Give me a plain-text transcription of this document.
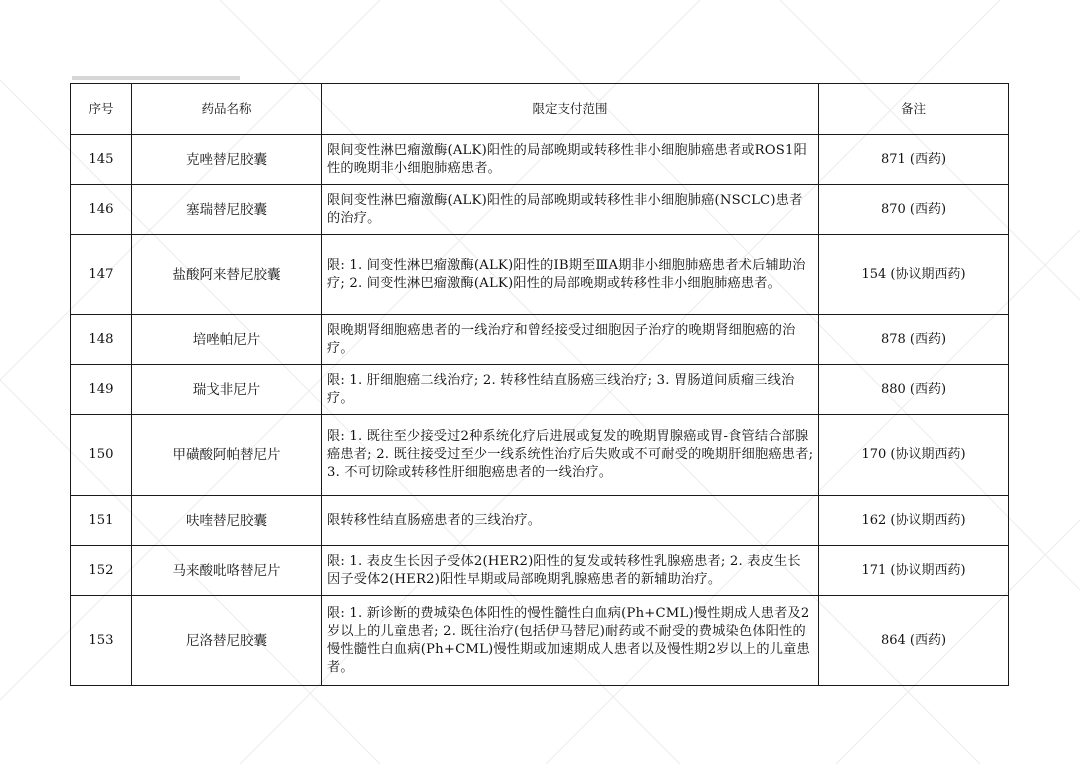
序号	药品名称	限定支付范围	备注
145	克唑替尼胶囊	限间变性淋巴瘤激酶(ALK)阳性的局部晚期或转移性非小细胞肺癌患者或ROS1阳性的晚期非小细胞肺癌患者。	871 (西药)
146	塞瑞替尼胶囊	限间变性淋巴瘤激酶(ALK)阳性的局部晚期或转移性非小细胞肺癌(NSCLC)患者的治疗。	870 (西药)
147	盐酸阿来替尼胶囊	限: 1. 间变性淋巴瘤激酶(ALK)阳性的ⅠB期至ⅢA期非小细胞肺癌患者术后辅助治疗; 2. 间变性淋巴瘤激酶(ALK)阳性的局部晚期或转移性非小细胞肺癌患者。	154 (协议期西药)
148	培唑帕尼片	限晚期肾细胞癌患者的一线治疗和曾经接受过细胞因子治疗的晚期肾细胞癌的治疗。	878 (西药)
149	瑞戈非尼片	限: 1. 肝细胞癌二线治疗; 2. 转移性结直肠癌三线治疗; 3. 胃肠道间质瘤三线治疗。	880 (西药)
150	甲磺酸阿帕替尼片	限: 1. 既往至少接受过2种系统化疗后进展或复发的晚期胃腺癌或胃-食管结合部腺癌患者; 2. 既往接受过至少一线系统性治疗后失败或不可耐受的晚期肝细胞癌患者; 3. 不可切除或转移性肝细胞癌患者的一线治疗。	170 (协议期西药)
151	呋喹替尼胶囊	限转移性结直肠癌患者的三线治疗。	162 (协议期西药)
152	马来酸吡咯替尼片	限: 1. 表皮生长因子受体2(HER2)阳性的复发或转移性乳腺癌患者; 2. 表皮生长因子受体2(HER2)阳性早期或局部晚期乳腺癌患者的新辅助治疗。	171 (协议期西药)
153	尼洛替尼胶囊	限: 1. 新诊断的费城染色体阳性的慢性髓性白血病(Ph+CML)慢性期成人患者及2岁以上的儿童患者; 2. 既往治疗(包括伊马替尼)耐药或不耐受的费城染色体阳性的慢性髓性白血病(Ph+CML)慢性期或加速期成人患者以及慢性期2岁以上的儿童患者。	864 (西药)
